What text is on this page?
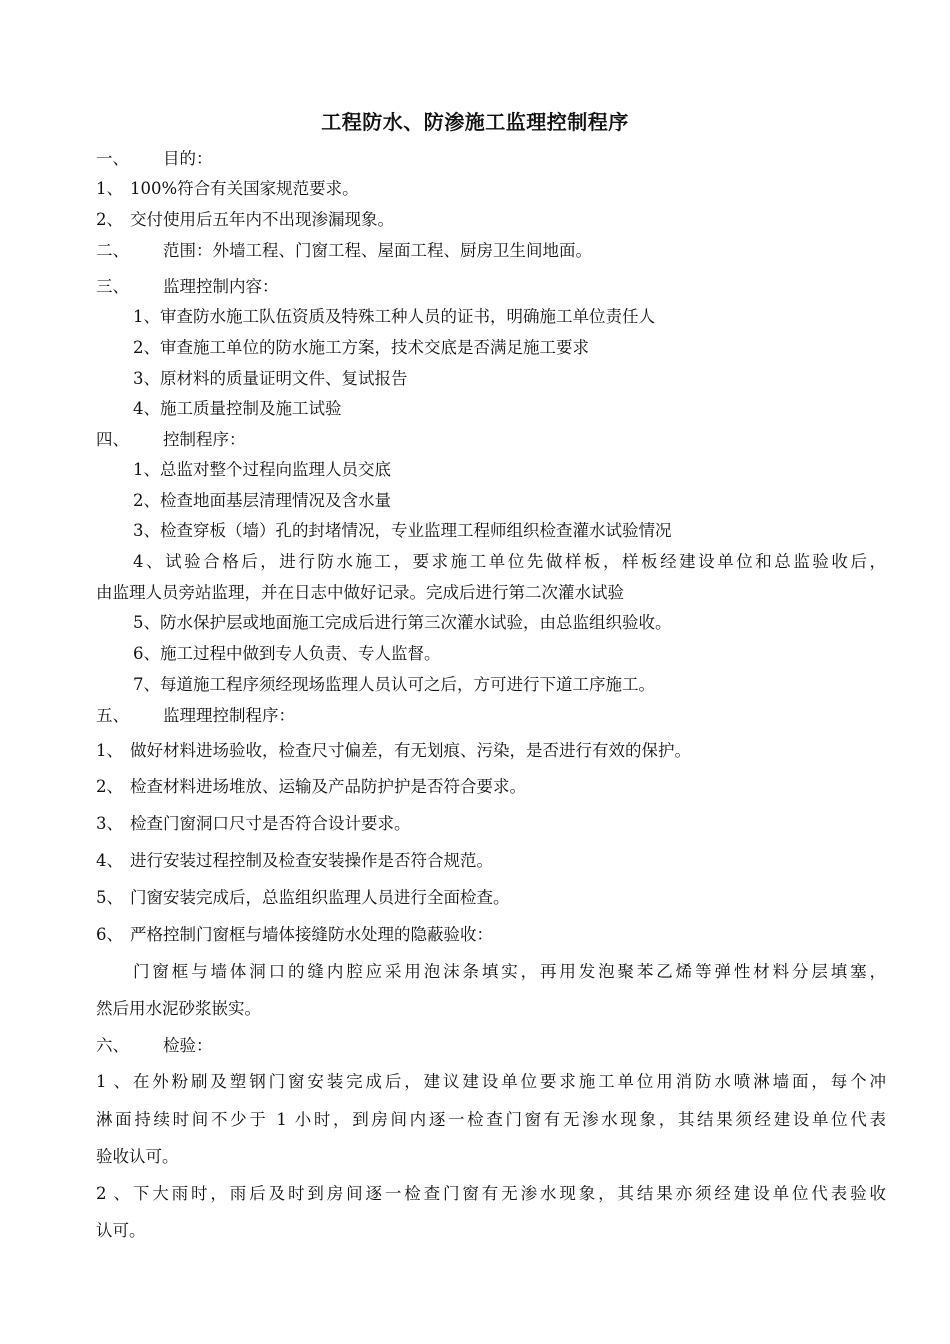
工程防水、防渗施工监理控制程序
一、 目的：
1、 100%符合有关国家规范要求。
2、 交付使用后五年内不出现渗漏现象。
二、 范围：外墙工程、门窗工程、屋面工程、厨房卫生间地面。
三、 监理控制内容：
1、审查防水施工队伍资质及特殊工种人员的证书，明确施工单位责任人
2、审查施工单位的防水施工方案，技术交底是否满足施工要求
3、原材料的质量证明文件、复试报告
4、施工质量控制及施工试验
四、 控制程序：
1、总监对整个过程向监理人员交底
2、检查地面基层清理情况及含水量
3、检查穿板（墙）孔的封堵情况，专业监理工程师组织检查灌水试验情况
4、试验合格后，进行防水施工，要求施工单位先做样板，样板经建设单位和总监验收后，
由监理人员旁站监理，并在日志中做好记录。完成后进行第二次灌水试验
5、防水保护层或地面施工完成后进行第三次灌水试验，由总监组织验收。
6、施工过程中做到专人负责、专人监督。
7、每道施工程序须经现场监理人员认可之后，方可进行下道工序施工。
五、 监理理控制程序：
1、 做好材料进场验收，检查尺寸偏差，有无划痕、污染，是否进行有效的保护。
2、 检查材料进场堆放、运输及产品防护护是否符合要求。
3、 检查门窗洞口尺寸是否符合设计要求。
4、 进行安装过程控制及检查安装操作是否符合规范。
5、 门窗安装完成后，总监组织监理人员进行全面检查。
6、 严格控制门窗框与墙体接缝防水处理的隐蔽验收：
门窗框与墙体洞口的缝内腔应采用泡沫条填实，再用发泡聚苯乙烯等弹性材料分层填塞，
然后用水泥砂浆嵌实。
六、 检验：
1、在外粉刷及塑钢门窗安装完成后，建议建设单位要求施工单位用消防水喷淋墙面，每个冲
淋面持续时间不少于 1 小时，到房间内逐一检查门窗有无渗水现象，其结果须经建设单位代表
验收认可。
2、下大雨时，雨后及时到房间逐一检查门窗有无渗水现象，其结果亦须经建设单位代表验收
认可。
